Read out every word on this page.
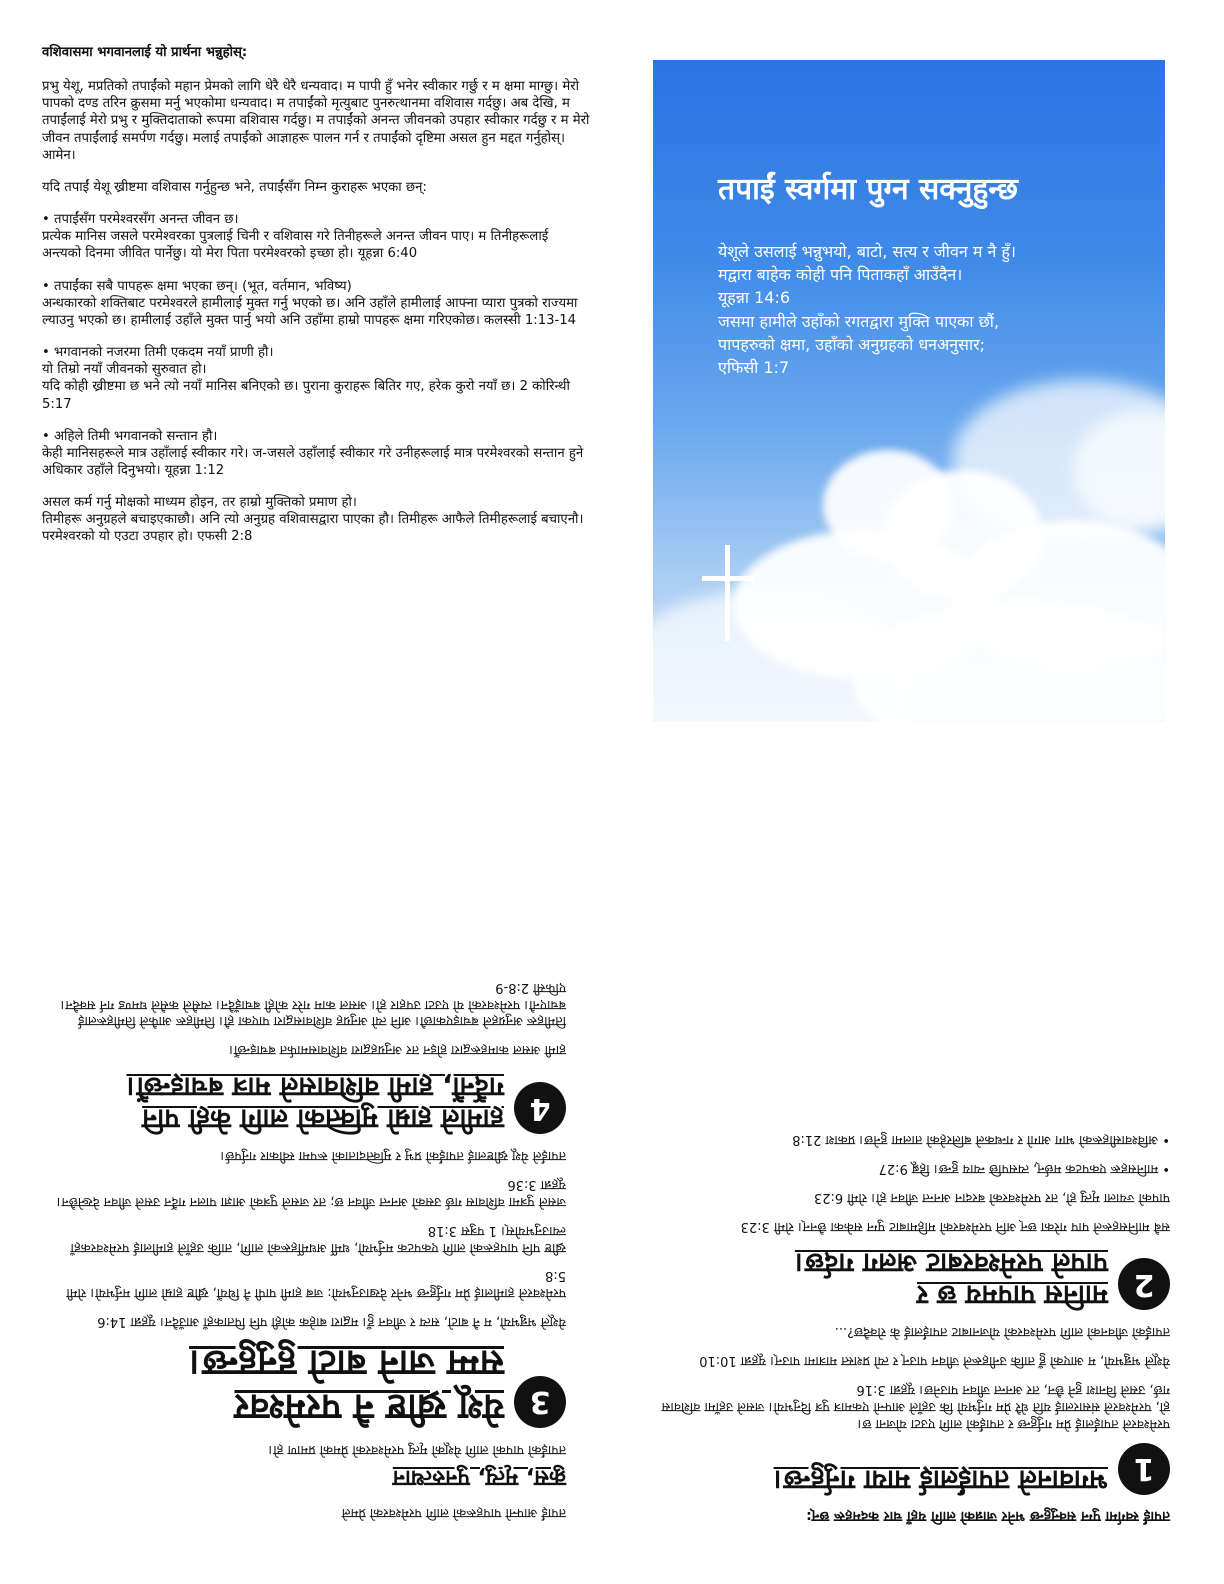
वशिवासमा भगवानलाई यो प्रार्थना भन्नुहोस्:

प्रभु येशू, मप्रतिको तपाईंको महान प्रेमको लागि धेरै धेरै धन्यवाद। म पापी हुँ भनेर स्वीकार गर्छु र म क्षमा माग्छु। मेरो पापको दण्ड तरिन क्रुसमा मर्नु भएकोमा धन्यवाद। म तपाईंको मृत्युबाट पुनरुत्थानमा वशिवास गर्दछु। अब देखि, म तपाईंलाई मेरो प्रभु र मुक्तिदाताको रूपमा वशिवास गर्दछु। म तपाईंको अनन्त जीवनको उपहार स्वीकार गर्दछु र म मेरो जीवन तपाईंलाई समर्पण गर्दछु। मलाई तपाईंको आज्ञाहरू पालन गर्न र तपाईंको दृष्टिमा असल हुन मद्दत गर्नुहोस्। आमेन।

यदि तपाईं येशू ख्रीष्टमा वशिवास गर्नुहुन्छ भने, तपाईंसँग निम्न कुराहरू भएका छन्:

• तपाईंसँग परमेश्वरसँग अनन्त जीवन छ।
प्रत्येक मानिस जसले परमेश्वरका पुत्रलाई चिनी र वशिवास गरे तिनीहरूले अनन्त जीवन पाए। म तिनीहरूलाई अन्त्यको दिनमा जीवित पार्नेछु। यो मेरा पिता परमेश्वरको इच्छा हो। यूहन्ना 6:40

• तपाईंका सबै पापहरू क्षमा भएका छन्। (भूत, वर्तमान, भविष्य)
अन्धकारको शक्तिबाट परमेश्वरले हामीलाई मुक्त गर्नु भएको छ। अनि उहाँले हामीलाई आफ्ना प्यारा पुत्रको राज्यमा ल्याउनु भएको छ। हामीलाई उहाँले मुक्त पार्नु भयो अनि उहाँमा हाम्रो पापहरू क्षमा गरिएकोछ। कलस्सी 1:13-14

• भगवानको नजरमा तिमी एकदम नयाँ प्राणी हौ।
यो तिम्रो नयाँ जीवनको सुरुवात हो।
यदि कोही ख्रीष्टमा छ भने त्यो नयाँ मानिस बनिएको छ। पुराना कुराहरू बितिर गए, हरेक कुरो नयाँ छ। 2 कोरिन्थी 5:17

• अहिले तिमी भगवानको सन्तान हौ।
केही मानिसहरूले मात्र उहाँलाई स्वीकार गरे। ज-जसले उहाँलाई स्वीकार गरे उनीहरूलाई मात्र परमेश्वरको सन्तान हुने अधिकार उहाँले दिनुभयो। यूहन्ना 1:12

असल कर्म गर्नु मोक्षको माध्यम होइन, तर हाम्रो मुक्तिको प्रमाण हो।
तिमीहरू अनुग्रहले बचाइएकाछौ। अनि त्यो अनुग्रह वशिवासद्वारा पाएका हौ। तिमीहरू आफैले तिमीहरूलाई बचाएनौ। परमेश्वरको यो एउटा उपहार हो। एफसी 2:8

तपाईं स्वर्गमा पुग्न सक्नुहुन्छ
येशूले उसलाई भन्नुभयो, बाटो, सत्य र जीवन म नै हुँ।
मद्वारा बाहेक कोही पनि पिताकहाँ आउँदैन।
यूहन्ना 14:6
जसमा हामीले उहाँको रगतद्वारा मुक्ति पाएका छौं,
पापहरुको क्षमा, उहाँको अनुग्रहको धनअनुसार;
एफिसी 1:7

तपाईं स्वर्गमा पुग्न सक्नुहुन्छ भनेर जान्नको लागि यहाँ चार कदमहरू छन्:

1
भगवानले तपाईंलाई माया गर्नुहुन्छ।

परमेश्वरले तपाईंलाई प्रेम गर्नुहुन्छ र तपाईंको लागि एउटा योजना छ।
हो, परमेश्वरले संसारलाई यति धेरै प्रेम गर्नुभयो कि उहाँले आफ्नो एकमात्र पुत्र दिनुभयो। जसले उहाँमा वशिवास गर्छ, उसले विनाश हुने छैन, तर अनन्त जीवन पाउनेछ। यूहन्ना 3:16

येशूले भन्नुभयो, म आएको हुँ ताकि उनीहरूले जीवन पाउन् र त्यो प्रशस्त मात्रामा पाउन्। यूहन्ना 10:10

तपाईंको जीवनको लागि परमेश्वरको योजनाबाट तपाईंलाई के रोक्दैछ?...

2
मानिस पापमय छ र
पापले परमेश्वरबाट अलग गर्दछ।

सबै मानिसहरूले पाप गरेका छन् अनि परमेश्वरको महिमाबाट पुग्न सकेका छैनन्। रोमी 3:23

पापको ज्याला मृत्यु हो, तर परमेश्वरको बरदान अनन्त जीवन हो। रोमी 6:23

• मानिसहरू एकपटक मर्छन्, त्यसपछि न्याय हुन्छ। हिब्रू 9:27

• अविश्वासीहरूको भाग आगो र गन्धकले बलिरहेको तालमा हुनेछ। प्रकाश 21:8

तपाईं आफ्नो पापहरूको लागि परमेश्वरको प्रेमले

क्रुस, मृत्यु, पुनरुत्थान

तपाईंको पापको लागि येशूको मृत्यु परमेश्वरको प्रेमको प्रमाण हो।

3
येशू ख्रीष्ट नै परमेश्वर
सम्म जाने बाटो हुनुहुन्छ।

येशूले भन्नुभयो, म नै बाटो, सत्य र जीवन हुँ। मद्वारा बाहेक कोही पनि पिताकहाँ आउँदैन। यूहन्ना 14:6

परमेश्वरले हामीलाई प्रेम गर्नुहुन्छ भनेर देखाउनुभयो: जब हामी पापी नै थियौं, ख्रीष्ट हाम्रो लागि मर्नुभयो। रोमी 5:8

ख्रीष्ट पनि पापहरूको लागि एकपटक मर्नुभयो, धर्मी अधर्मीहरूको लागि, ताकि उहाँले हामीलाई परमेश्वरकहाँ ल्याउनुभयोस्। 1 पत्रुस 3:18

जसले पुत्रमा वशिवास गर्छ उसको अनन्त जीवन छ; तर जसले पुत्रको आज्ञा पालन गर्दैन उसले जीवन देख्नेछैन। यूहन्ना 3:36

तपाईंले येशू ख्रीष्टलाई तपाईंको प्रभु र मुक्तिदाताको रूपमा स्वीकार गर्नुपर्छ।

4
हामीले हाम्रो मुक्तिको लागि केही पनि
गर्दैनौं, हामी वशिवासले मात्र बचाइन्छौं।

हामी असल कामहरूद्वारा होइन तर अनुग्रहद्वारा वशिवासमार्फत बचाइन्छौं।

तिमीहरू अनुग्रहले बचाइएकाछौ। अनि त्यो अनुग्रह वशिवासद्वारा पाएका हौ। तिमीहरू आफैले तिमीहरूलाई बचाएनौ। परमेश्वरको यो एउटा उपहार हो। असल काम गरेर कोही बचाइँदैन। त्यसैले कसैले घमण्ड गर्न सक्दैन। एफिसी 2:8-9
